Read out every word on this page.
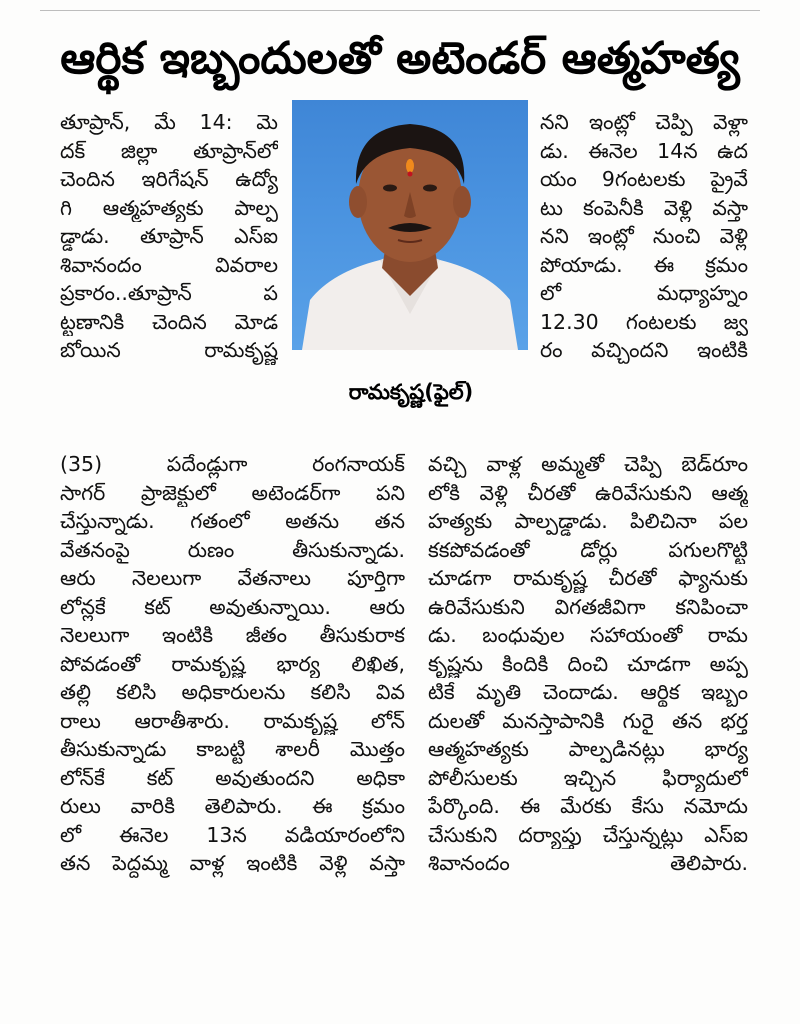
ఆర్థిక ఇబ్బందులతో అటెండర్ ఆత్మహత్య
తూప్రాన్, మే 14: మె
దక్ జిల్లా తూప్రాన్‌లో
చెందిన ఇరిగేషన్ ఉద్యో
గి ఆత్మహత్యకు పాల్ప
డ్డాడు. తూప్రాన్ ఎస్ఐ
శివానందం వివరాల
ప్రకారం..తూప్రాన్ ప
ట్టణానికి చెందిన మోడ
బోయిన రామకృష్ణ
రామకృష్ణ(ఫైల్)
నని ఇంట్లో చెప్పి వెళ్లా
డు. ఈనెల 14న ఉద
యం 9గంటలకు ప్రైవే
టు కంపెనీకి వెళ్లి వస్తా
నని ఇంట్లో నుంచి వెళ్లి
పోయాడు. ఈ క్రమం
లో మధ్యాహ్నం
12.30 గంటలకు జ్వ
రం వచ్చిందని ఇంటికి
(35) పదేండ్లుగా రంగనాయక్
సాగర్ ప్రాజెక్టులో అటెండర్‌గా పని
చేస్తున్నాడు. గతంలో అతను తన
వేతనంపై రుణం తీసుకున్నాడు.
ఆరు నెలలుగా వేతనాలు పూర్తిగా
లోన్లకే కట్ అవుతున్నాయి. ఆరు
నెలలుగా ఇంటికి జీతం తీసుకురాక
పోవడంతో రామకృష్ణ భార్య లిఖిత,
తల్లి కలిసి అధికారులను కలిసి వివ
రాలు ఆరాతీశారు. రామకృష్ణ లోన్
తీసుకున్నాడు కాబట్టి శాలరీ మొత్తం
లోన్‌కే కట్ అవుతుందని అధికా
రులు వారికి తెలిపారు. ఈ క్రమం
లో ఈనెల 13న వడియారంలోని
తన పెద్దమ్మ వాళ్ల ఇంటికి వెళ్లి వస్తా
వచ్చి వాళ్ల అమ్మతో చెప్పి బెడ్‌రూం
లోకి వెళ్లి చీరతో ఉరివేసుకుని ఆత్మ
హత్యకు పాల్పడ్డాడు. పిలిచినా పల
కకపోవడంతో డోర్లు పగులగొట్టి
చూడగా రామకృష్ణ చీరతో ఫ్యానుకు
ఉరివేసుకుని విగతజీవిగా కనిపించా
డు. బంధువుల సహాయంతో రామ
కృష్ణను కిందికి దించి చూడగా అప్ప
టికే మృతి చెందాడు. ఆర్థిక ఇబ్బం
దులతో మనస్తాపానికి గురై తన భర్త
ఆత్మహత్యకు పాల్పడినట్లు భార్య
పోలీసులకు ఇచ్చిన ఫిర్యాదులో
పేర్కొంది. ఈ మేరకు కేసు నమోదు
చేసుకుని దర్యాప్తు చేస్తున్నట్లు ఎస్ఐ
శివానందం తెలిపారు.
